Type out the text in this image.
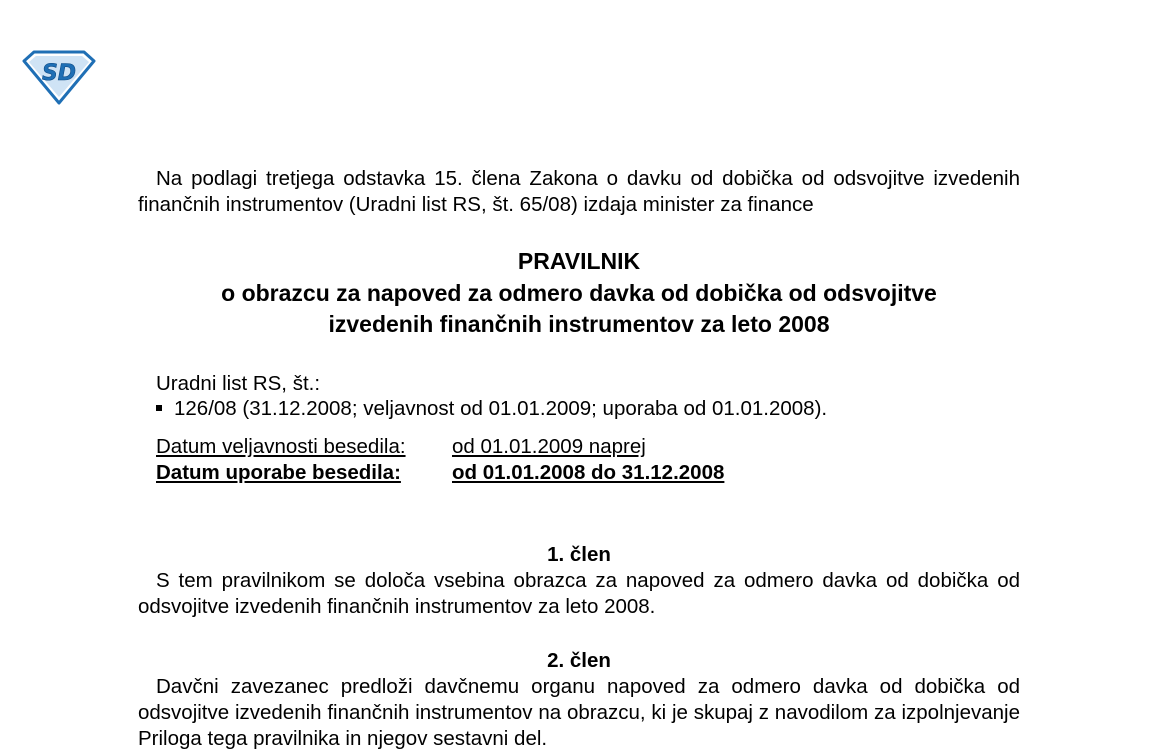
SD

Na podlagi tretjega odstavka 15. člena Zakona o davku od dobička od odsvojitve izvedenih finančnih instrumentov (Uradni list RS, št. 65/08) izdaja minister za finance

PRAVILNIK
o obrazcu za napoved za odmero davka od dobička od odsvojitve
izvedenih finančnih instrumentov za leto 2008
Uradni list RS, št.:
126/08 (31.12.2008; veljavnost od 01.01.2009; uporaba od 01.01.2008).
Datum veljavnosti besedila:	od 01.01.2009 naprej
Datum uporabe besedila:	od 01.01.2008 do 31.12.2008
1. člen

S tem pravilnikom se določa vsebina obrazca za napoved za odmero davka od dobička od odsvojitve izvedenih finančnih instrumentov za leto 2008.

2. člen

Davčni zavezanec predloži davčnemu organu napoved za odmero davka od dobička od odsvojitve izvedenih finančnih instrumentov na obrazcu, ki je skupaj z navodilom za izpolnjevanje Priloga tega pravilnika in njegov sestavni del.
